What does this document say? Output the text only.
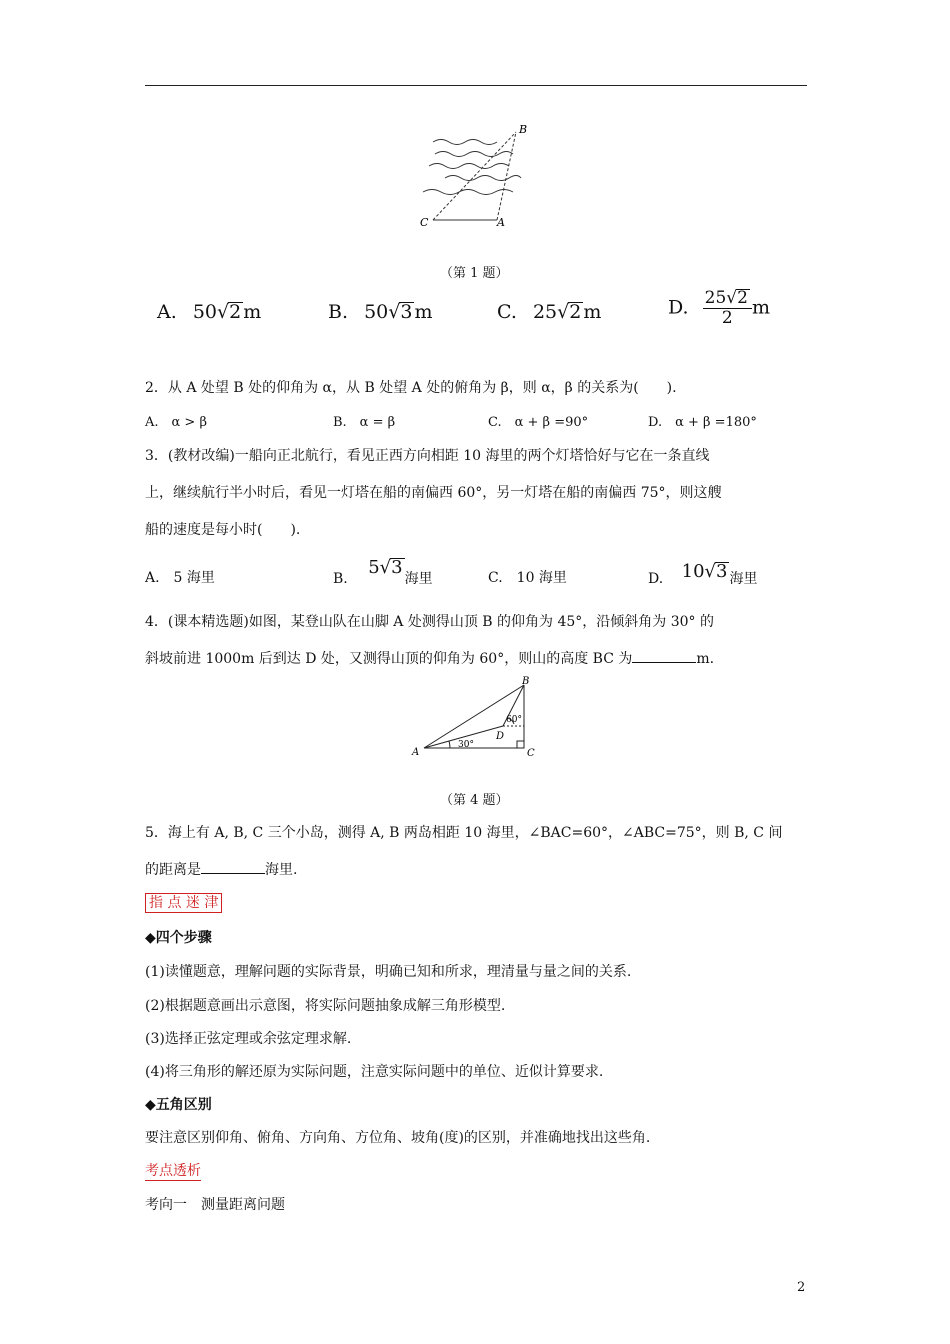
B
C	A
（第 1 题）
A. 50√2 m	B. 50√3 m	C. 25√2 m	D. $\frac{25√2}{2}$ m
2．从 A 处望 B 处的仰角为 α，从 B 处望 A 处的俯角为 β，则 α，β 的关系为(　　).
A.　α > β	B.　α = β	C.　α + β =90°	D.　α + β =180°
3．(教材改编)一船向正北航行，看见正西方向相距 10 海里的两个灯塔恰好与它在一条直线
上，继续航行半小时后，看见一灯塔在船的南偏西 60°，另一灯塔在船的南偏西 75°，则这艘
船的速度是每小时(　　).
A.　5 海里	B. 5√3海里	C.　10 海里	D. 10√3 海里
4．(课本精选题)如图，某登山队在山脚 A 处测得山顶 B 的仰角为 45°，沿倾斜角为 30° 的
斜坡前进 1000m 后到达 D 处，又测得山顶的仰角为 60°，则山的高度 BC 为	m.
A
B
C
D
30°
60°
（第 4 题）
5．海上有 A, B, C 三个小岛，测得 A, B 两岛相距 10 海里，∠BAC=60°，∠ABC=75°，则 B, C 间
的距离是	海里.
指 点 迷 津
◆四个步骤
(1)读懂题意，理解问题的实际背景，明确已知和所求，理清量与量之间的关系.
(2)根据题意画出示意图，将实际问题抽象成解三角形模型.
(3)选择正弦定理或余弦定理求解.
(4)将三角形的解还原为实际问题，注意实际问题中的单位、近似计算要求.
◆五角区别
要注意区别仰角、俯角、方向角、方位角、坡角(度)的区别，并准确地找出这些角.
考点透析
考向一　测量距离问题
2
